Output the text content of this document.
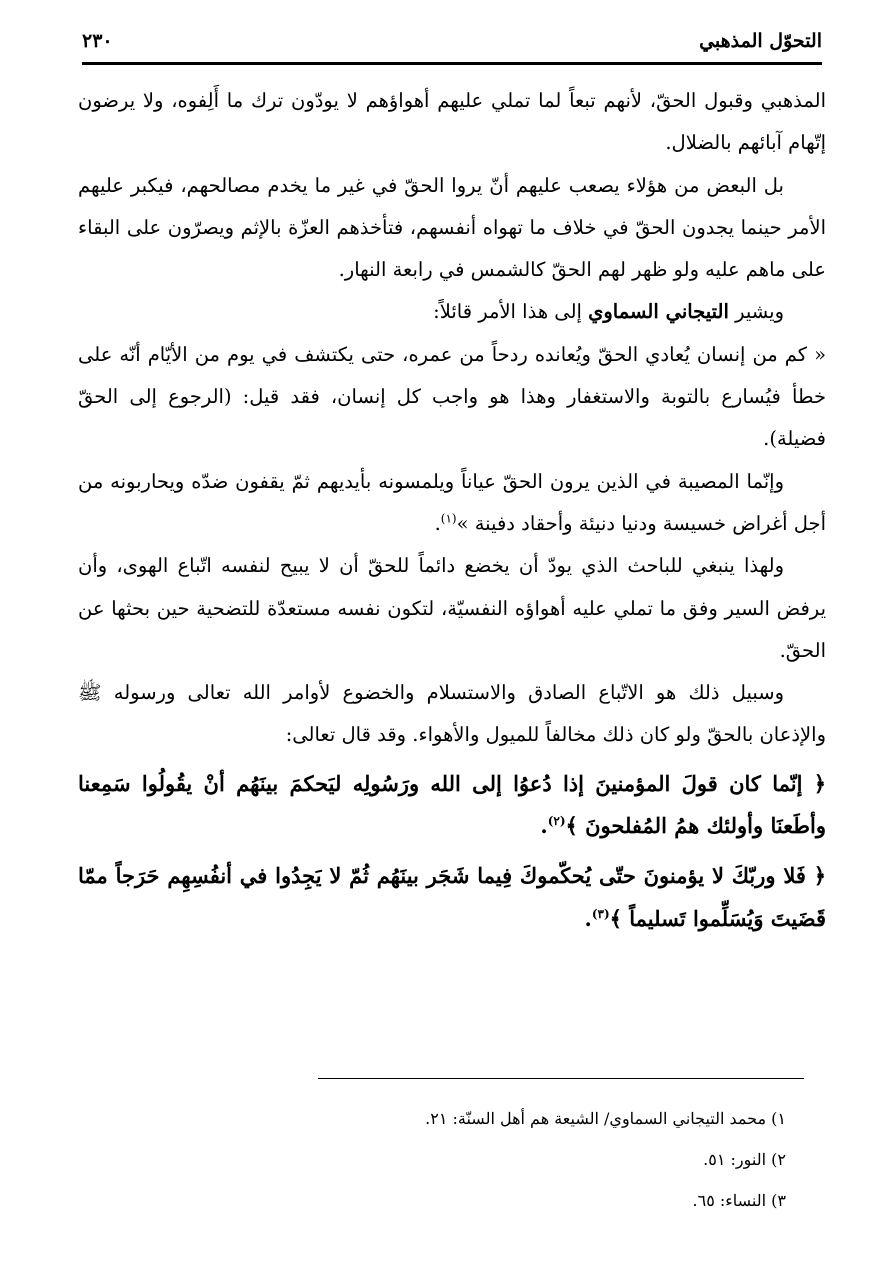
التحوّل المذهبي
٢٣٠

المذهبي وقبول الحقّ، لأنهم تبعاً لما تملي عليهم أهواؤهم لا يودّون ترك ما أَلِفوه، ولا يرضون إتّهام آبائهم بالضلال.

بل البعض من هؤلاء يصعب عليهم أنّ يروا الحقّ في غير ما يخدم مصالحهم، فيكبر عليهم الأمر حينما يجدون الحقّ في خلاف ما تهواه أنفسهم، فتأخذهم العزّة بالإثم ويصرّون على البقاء على ماهم عليه ولو ظهر لهم الحقّ كالشمس في رابعة النهار.

ويشير التيجاني السماوي إلى هذا الأمر قائلاً:

« كم من إنسان يُعادي الحقّ ويُعانده ردحاً من عمره، حتى يكتشف في يوم من الأيّام أنّه على خطأ فيُسارع بالتوبة والاستغفار وهذا هو واجب كل إنسان، فقد قيل: (الرجوع إلى الحقّ فضيلة).

وإنّما المصيبة في الذين يرون الحقّ عياناً ويلمسونه بأيديهم ثمّ يقفون ضدّه ويحاربونه من أجل أغراض خسيسة ودنيا دنيئة وأحقاد دفينة »$^{(١)}$.

ولهذا ينبغي للباحث الذي يودّ أن يخضع دائماً للحقّ أن لا يبيح لنفسه اتّباع الهوى، وأن يرفض السير وفق ما تملي عليه أهواؤه النفسيّة، لتكون نفسه مستعدّة للتضحية حين بحثها عن الحقّ.

وسبيل ذلك هو الاتّباع الصادق والاستسلام والخضوع لأوامر الله تعالى ورسوله ﷺ والإذعان بالحقّ ولو كان ذلك مخالفاً للميول والأهواء. وقد قال تعالى:

﴿ إنّما كان قولَ المؤمنينَ إذا دُعوُا إلى الله ورَسُولِه ليَحكمَ بينَهُم أنْ يقُولُوا سَمِعنا وأطَعنَا وأولئك همُ المُفلحونَ ﴾$^{(٢)}$.

﴿ فَلا وربّكَ لا يؤمنونَ حتّى يُحكّموكَ فِيما شَجَر بينَهُم ثُمّ لا يَجِدُوا في أنفُسِهِم حَرَجاً ممّا قَضَيتَ وَيُسَلِّموا تَسليماً ﴾$^{(٣)}$.

١) محمد التيجاني السماوي/ الشيعة هم أهل السنّة: ٢١.

٢) النور: ٥١.

٣) النساء: ٦٥.
